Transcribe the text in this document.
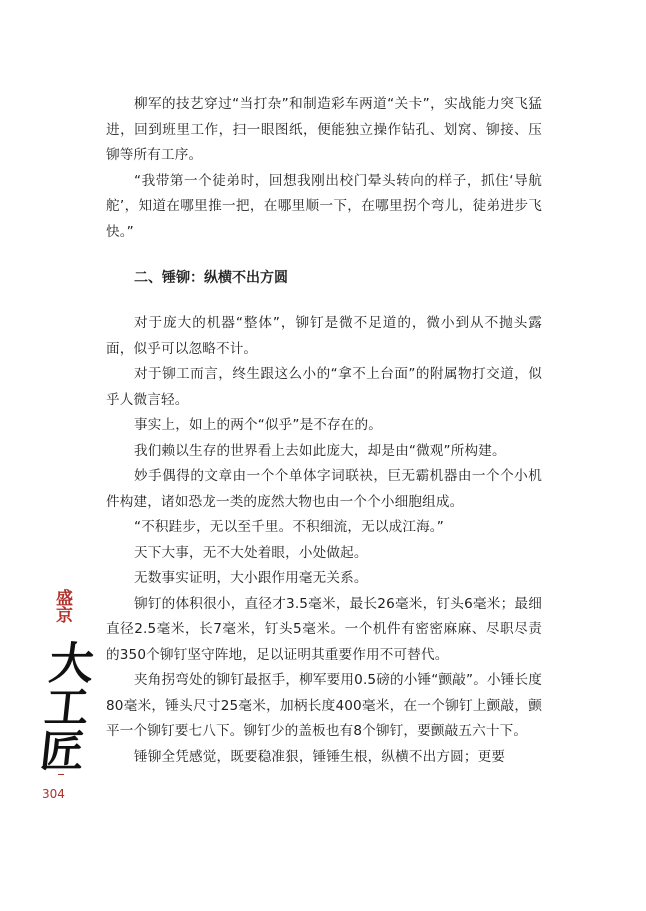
柳军的技艺穿过“当打杂”和制造彩车两道“关卡”，实战能力突飞猛进，回到班里工作，扫一眼图纸，便能独立操作钻孔、划窝、铆接、压铆等所有工序。

“我带第一个徒弟时，回想我刚出校门晕头转向的样子，抓住‘导航舵’，知道在哪里推一把，在哪里顺一下，在哪里拐个弯儿，徒弟进步飞快。”

二、锤铆：纵横不出方圆

对于庞大的机器“整体”，铆钉是微不足道的，微小到从不抛头露面，似乎可以忽略不计。

对于铆工而言，终生跟这么小的“拿不上台面”的附属物打交道，似乎人微言轻。

事实上，如上的两个“似乎”是不存在的。

我们赖以生存的世界看上去如此庞大，却是由“微观”所构建。

妙手偶得的文章由一个个单体字词联袂，巨无霸机器由一个个小机件构建，诸如恐龙一类的庞然大物也由一个个小细胞组成。

“不积跬步，无以至千里。不积细流，无以成江海。”

天下大事，无不大处着眼，小处做起。

无数事实证明，大小跟作用毫无关系。

铆钉的体积很小，直径才3.5毫米，最长26毫米，钉头6毫米；最细直径2.5毫米，长7毫米，钉头5毫米。一个机件有密密麻麻、尽职尽责的350个铆钉坚守阵地，足以证明其重要作用不可替代。

夹角拐弯处的铆钉最抠手，柳军要用0.5磅的小锤“颤敲”。小锤长度80毫米，锤头尺寸25毫米，加柄长度400毫米，在一个铆钉上颤敲，颤平一个铆钉要七八下。铆钉少的盖板也有8个铆钉，要颤敲五六十下。

锤铆全凭感觉，既要稳准狠，锤锤生根，纵横不出方圆；更要

盛京
大工匠
304
